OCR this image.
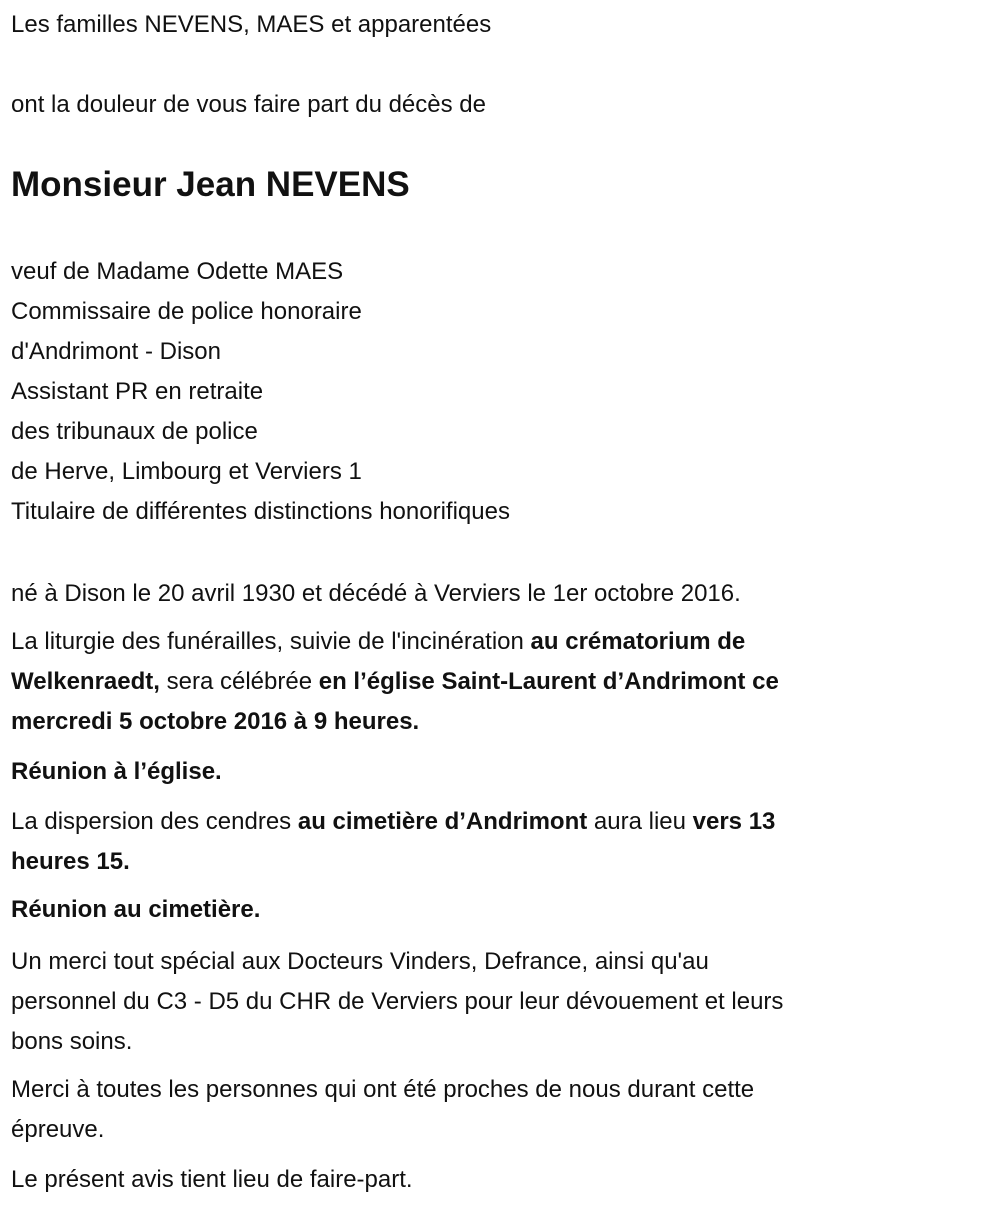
Les familles NEVENS, MAES et apparentées
ont la douleur de vous faire part du décès de
Monsieur Jean NEVENS
veuf de Madame Odette MAES
Commissaire de police honoraire
d'Andrimont - Dison
Assistant PR en retraite
des tribunaux de police
de Herve, Limbourg et Verviers 1
Titulaire de différentes distinctions honorifiques
né à Dison le 20 avril 1930 et décédé à Verviers le 1er octobre 2016.
La liturgie des funérailles, suivie de l'incinération au crématorium de
Welkenraedt, sera célébrée en l’église Saint-Laurent d’Andrimont ce
mercredi 5 octobre 2016 à 9 heures.
Réunion à l’église.
La dispersion des cendres au cimetière d’Andrimont aura lieu vers 13
heures 15.
Réunion au cimetière.
Un merci tout spécial aux Docteurs Vinders, Defrance, ainsi qu'au
personnel du C3 - D5 du CHR de Verviers pour leur dévouement et leurs
bons soins.
Merci à toutes les personnes qui ont été proches de nous durant cette
épreuve.
Le présent avis tient lieu de faire-part.
